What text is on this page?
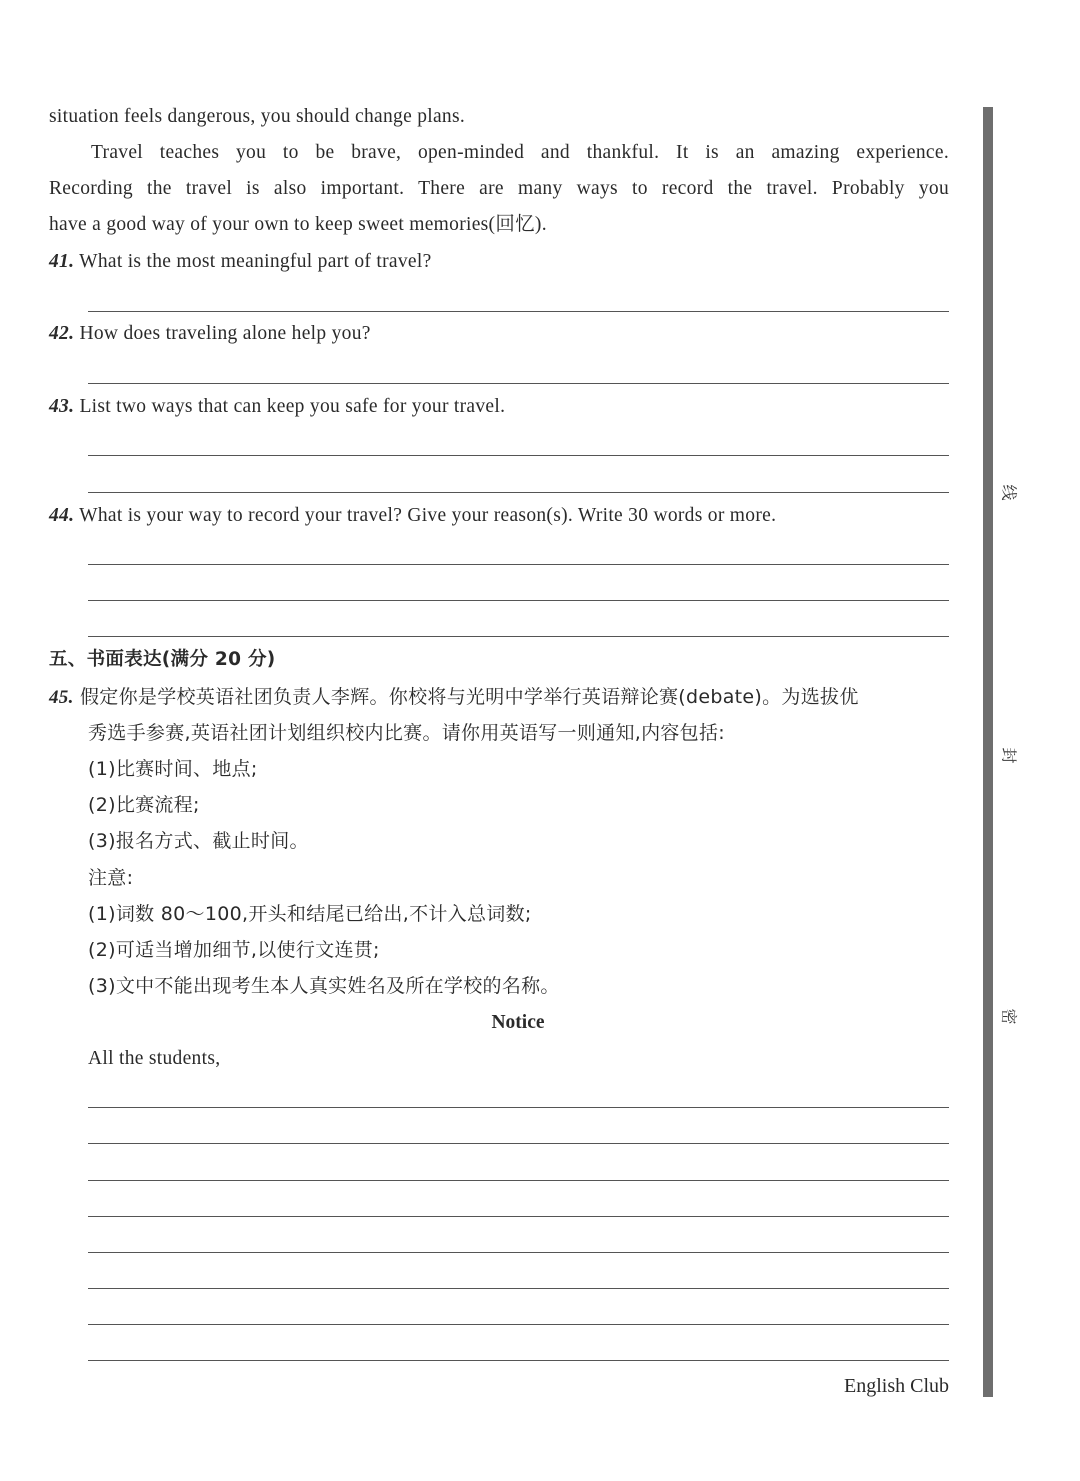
situation feels dangerous, you should change plans.
Travel teaches you to be brave, open-minded and thankful. It is an amazing experience.
Recording the travel is also important. There are many ways to record the travel. Probably you
have a good way of your own to keep sweet memories(回忆).
41. What is the most meaningful part of travel?
42. How does traveling alone help you?
43. List two ways that can keep you safe for your travel.
44. What is your way to record your travel? Give your reason(s). Write 30 words or more.
五、书面表达(满分 20 分)
45. 假定你是学校英语社团负责人李辉。你校将与光明中学举行英语辩论赛(debate)。为选拔优
秀选手参赛,英语社团计划组织校内比赛。请你用英语写一则通知,内容包括:
(1)比赛时间、地点;
(2)比赛流程;
(3)报名方式、截止时间。
注意:
(1)词数 80～100,开头和结尾已给出,不计入总词数;
(2)可适当增加细节,以使行文连贯;
(3)文中不能出现考生本人真实姓名及所在学校的名称。
Notice
All the students,
English Club
线
封
密
